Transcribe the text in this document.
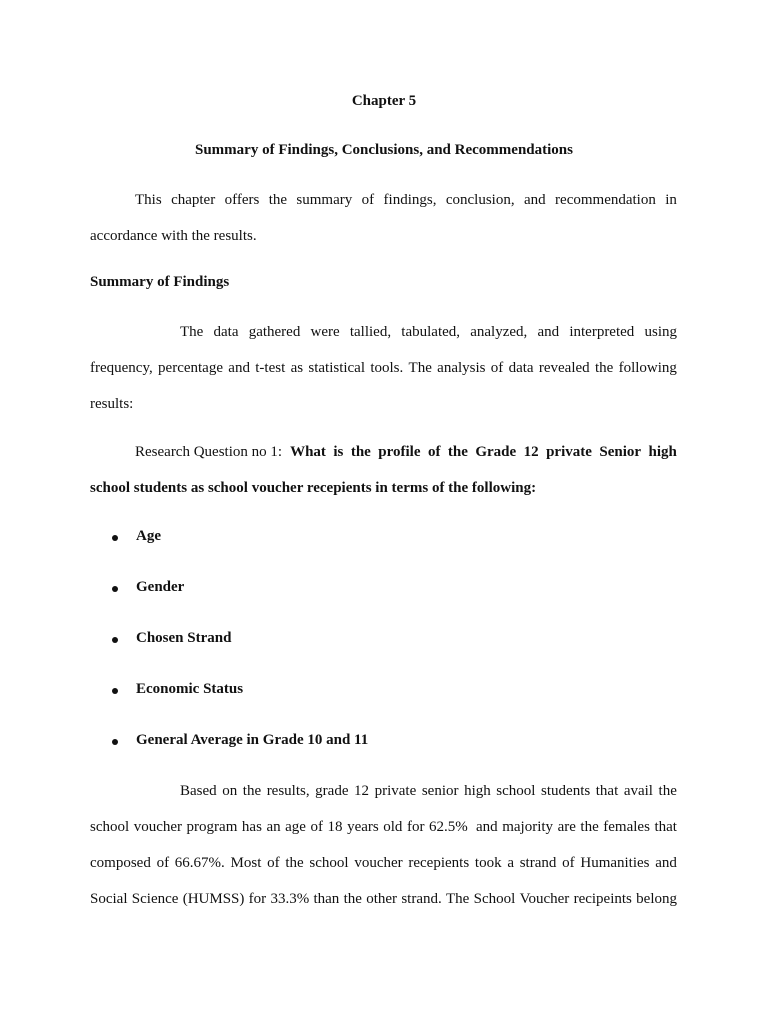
Chapter 5
Summary of Findings, Conclusions, and Recommendations
This chapter offers the summary of findings, conclusion, and recommendation in
accordance with the results.
Summary of Findings
The data gathered were tallied, tabulated, analyzed, and interpreted using
frequency, percentage and t-test as statistical tools. The analysis of data revealed the following
results:
Research Question no 1: What is the profile of the Grade 12 private Senior high
school students as school voucher recepients in terms of the following:
Age
Gender
Chosen Strand
Economic Status
General Average in Grade 10 and 11
Based on the results, grade 12 private senior high school students that avail the
school voucher program has an age of 18 years old for 62.5% and majority are the females that
composed of 66.67%. Most of the school voucher recepients took a strand of Humanities and
Social Science (HUMSS) for 33.3% than the other strand. The School Voucher recipeints belong
